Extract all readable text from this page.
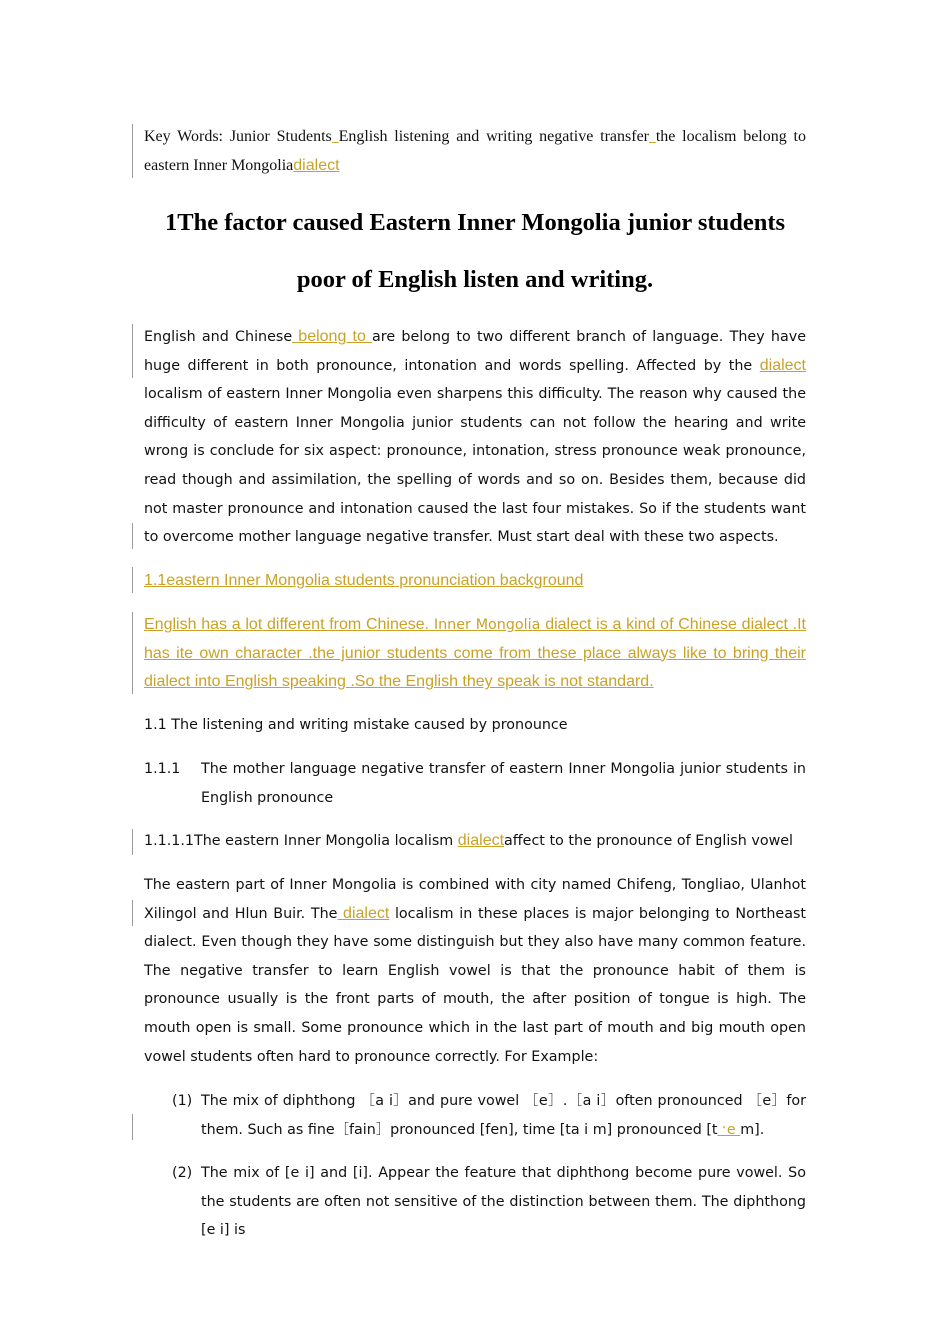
Key Words: Junior Students English listening and writing negative transfer the localism belong to eastern Inner Mongoliadialect
1The factor caused Eastern Inner Mongolia junior students
poor of English listen and writing.
English and Chinese belong to are belong to two different branch of language. They have huge different in both pronounce, intonation and words spelling. Affected by the dialect localism of eastern Inner Mongolia even sharpens this difficulty. The reason why caused the difficulty of eastern Inner Mongolia junior students can not follow the hearing and write wrong is conclude for six aspect: pronounce, intonation, stress pronounce weak pronounce, read though and assimilation, the spelling of words and so on. Besides them, because did not master pronounce and intonation caused the last four mistakes. So if the students want to overcome mother language negative transfer. Must start deal with these two aspects.
1.1eastern Inner Mongolia students pronunciation background
English has a lot different from Chinese. Inner Mongolia dialect is a kind of Chinese dialect .It has ite own character .the junior students come from these place always like to bring their dialect into English speaking .So the English they speak is not standard.
1.1 The listening and writing mistake caused by pronounce
1.1.1 The mother language negative transfer of eastern Inner Mongolia junior students in English pronounce
1.1.1.1The eastern Inner Mongolia localism dialectaffect to the pronounce of English vowel
The eastern part of Inner Mongolia is combined with city named Chifeng, Tongliao, Ulanhot Xilingol and Hlun Buir. The dialect localism in these places is major belonging to Northeast dialect. Even though they have some distinguish but they also have many common feature. The negative transfer to learn English vowel is that the pronounce habit of them is pronounce usually is the front parts of mouth, the after position of tongue is high. The mouth open is small. Some pronounce which in the last part of mouth and big mouth open vowel students often hard to pronounce correctly. For Example:
(1) The mix of diphthong ［a i］and pure vowel ［e］.［a i］often pronounced ［e］for them. Such as fine［fain］pronounced [fen], time [ta i m] pronounced [t ˑe m].
(2) The mix of [e i] and [i]. Appear the feature that diphthong become pure vowel. So the students are often not sensitive of the distinction between them. The diphthong [e i] is
